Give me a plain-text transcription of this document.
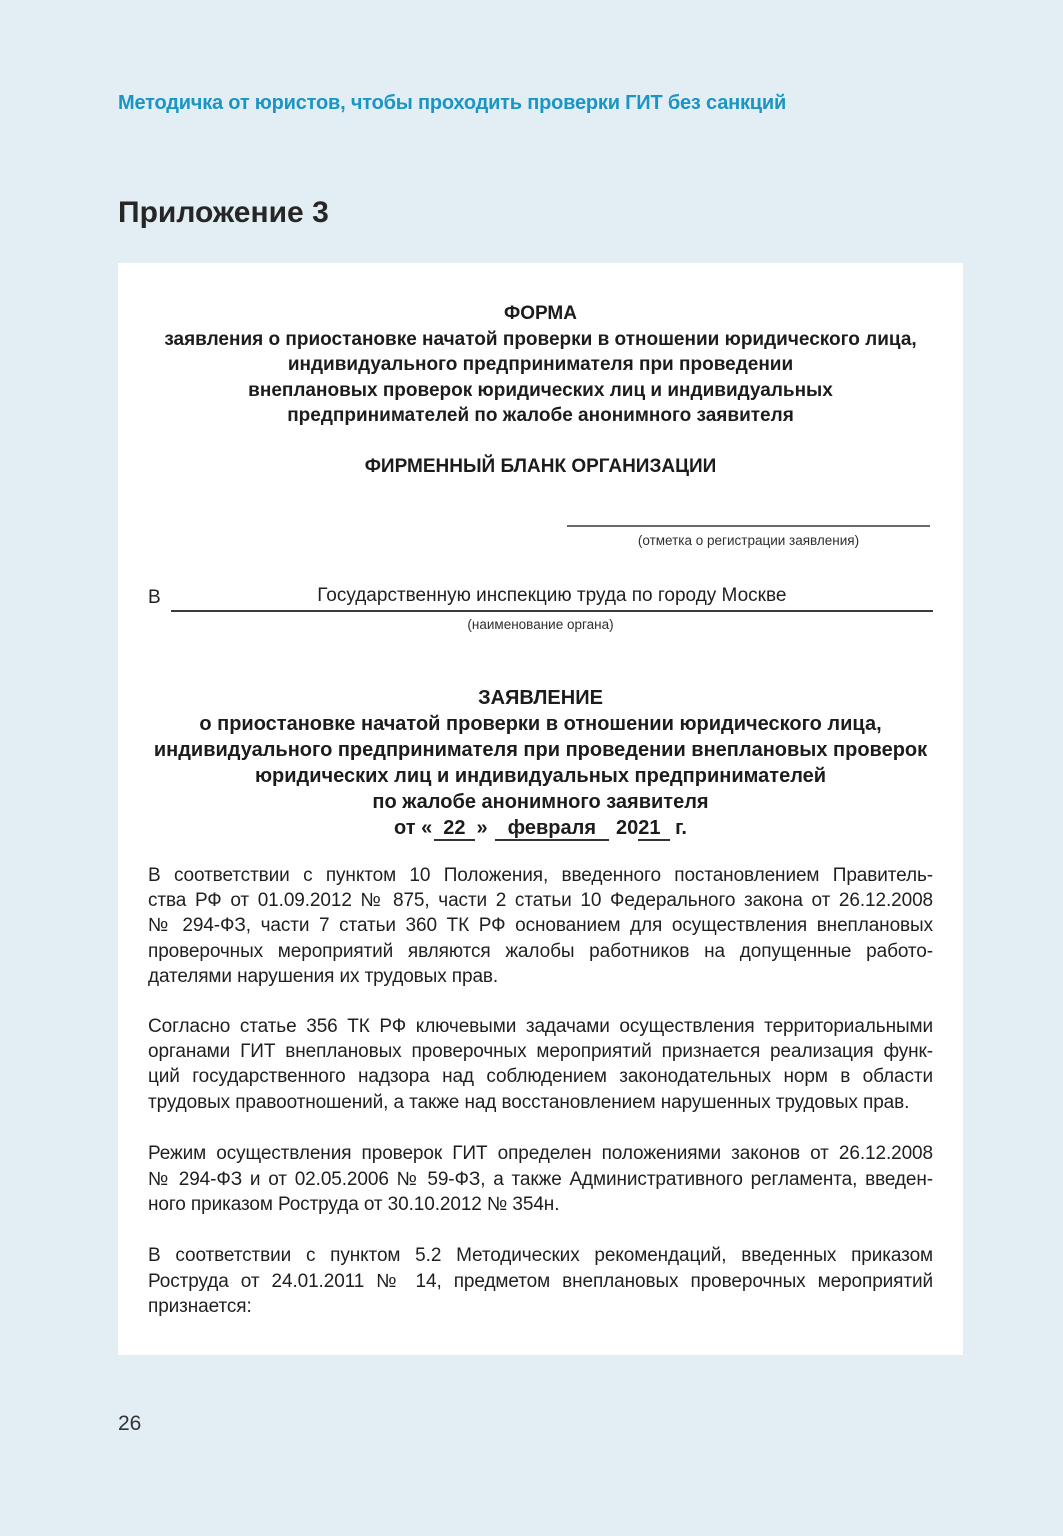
Методичка от юристов, чтобы проходить проверки ГИТ без санкций
Приложение 3
ФОРМА
заявления о приостановке начатой проверки в отношении юридического лица,
индивидуального предпринимателя при проведении
внеплановых проверок юридических лиц и индивидуальных
предпринимателей по жалобе анонимного заявителя
ФИРМЕННЫЙ БЛАНК ОРГАНИЗАЦИИ
(отметка о регистрации заявления)
В	Государственную инспекцию труда по городу Москве
(наименование органа)
ЗАЯВЛЕНИЕ
о приостановке начатой проверки в отношении юридического лица,
индивидуального предпринимателя при проведении внеплановых проверок
юридических лиц и индивидуальных предпринимателей
по жалобе анонимного заявителя
от « 22 » февраля 2021 г.
В соответствии с пунктом 10 Положения, введенного постановлением Правитель-
ства РФ от 01.09.2012 № 875, части 2 статьи 10 Федерального закона от 26.12.2008
№ 294-ФЗ, части 7 статьи 360 ТК РФ основанием для осуществления внеплановых
проверочных мероприятий являются жалобы работников на допущенные работо-
дателями нарушения их трудовых прав.
Согласно статье 356 ТК РФ ключевыми задачами осуществления территориальными
органами ГИТ внеплановых проверочных мероприятий признается реализация функ-
ций государственного надзора над соблюдением законодательных норм в области
трудовых правоотношений, а также над восстановлением нарушенных трудовых прав.
Режим осуществления проверок ГИТ определен положениями законов от 26.12.2008
№ 294-ФЗ и от 02.05.2006 № 59-ФЗ, а также Административного регламента, введен-
ного приказом Роструда от 30.10.2012 № 354н.
В соответствии с пунктом 5.2 Методических рекомендаций, введенных приказом
Роструда от 24.01.2011 № 14, предметом внеплановых проверочных мероприятий
признается:
26
